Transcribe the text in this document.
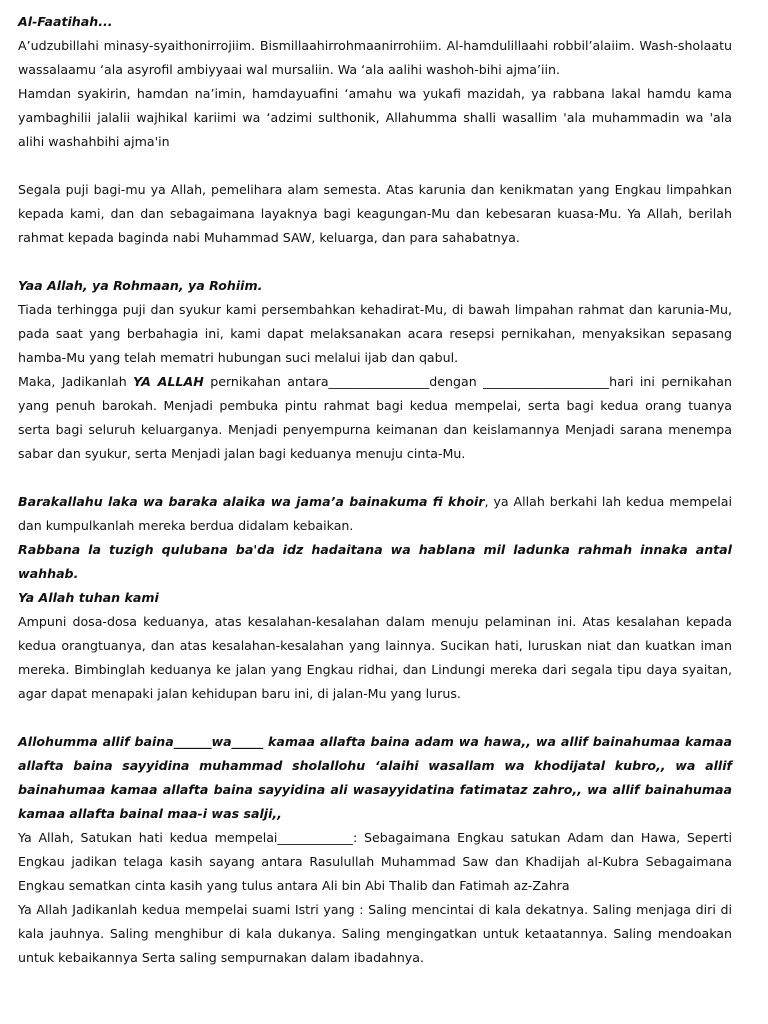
Al-Faatihah...

A’udzubillahi minasy-syaithonirrojiim. Bismillaahirrohmaanirrohiim. Al-hamdulillaahi robbil’alaiim. Wash-sholaatu wassalaamu ‘ala asyrofil ambiyyaai wal mursaliin. Wa ‘ala aalihi washoh-bihi ajma’iin.

Hamdan syakirin, hamdan na’imin, hamdayuafini ‘amahu wa yukafi mazidah, ya rabbana lakal hamdu kama yambaghilii jalalii wajhikal kariimi wa ‘adzimi sulthonik, Allahumma shalli wasallim 'ala muhammadin wa 'ala alihi washahbihi ajma'in

Segala puji bagi-mu ya Allah, pemelihara alam semesta. Atas karunia dan kenikmatan yang Engkau limpahkan kepada kami, dan dan sebagaimana layaknya bagi keagungan-Mu dan kebesaran kuasa-Mu. Ya Allah, berilah rahmat kepada baginda nabi Muhammad SAW, keluarga, dan para sahabatnya.

Yaa Allah, ya Rohmaan, ya Rohiim.

Tiada terhingga puji dan syukur kami persembahkan kehadirat-Mu, di bawah limpahan rahmat dan karunia-Mu, pada saat yang berbahagia ini, kami dapat melaksanakan acara resepsi pernikahan, menyaksikan sepasang hamba-Mu yang telah mematri hubungan suci melalui ijab dan qabul.

Maka, Jadikanlah YA ALLAH pernikahan antara________________dengan ____________________hari ini pernikahan yang penuh barokah. Menjadi pembuka pintu rahmat bagi kedua mempelai, serta bagi kedua orang tuanya serta bagi seluruh keluarganya. Menjadi penyempurna keimanan dan keislamannya Menjadi sarana menempa sabar dan syukur, serta Menjadi jalan bagi keduanya menuju cinta-Mu.

Barakallahu laka wa baraka alaika wa jama’a bainakuma fi khoir, ya Allah berkahi lah kedua mempelai dan kumpulkanlah mereka berdua didalam kebaikan.

Rabbana la tuzigh qulubana ba'da idz hadaitana wa hablana mil ladunka rahmah innaka antal wahhab.

Ya Allah tuhan kami

Ampuni dosa-dosa keduanya, atas kesalahan-kesalahan dalam menuju pelaminan ini. Atas kesalahan kepada kedua orangtuanya, dan atas kesalahan-kesalahan yang lainnya. Sucikan hati, luruskan niat dan kuatkan iman mereka. Bimbinglah keduanya ke jalan yang Engkau ridhai, dan Lindungi mereka dari segala tipu daya syaitan, agar dapat menapaki jalan kehidupan baru ini, di jalan-Mu yang lurus.

Allohumma allif baina______wa_____ kamaa allafta baina adam wa hawa,, wa allif bainahumaa kamaa allafta baina sayyidina muhammad sholallohu ‘alaihi wasallam wa khodijatal kubro,, wa allif bainahumaa kamaa allafta baina sayyidina ali wasayyidatina fatimataz zahro,, wa allif bainahumaa kamaa allafta bainal maa-i was salji,,

Ya Allah, Satukan hati kedua mempelai____________: Sebagaimana Engkau satukan Adam dan Hawa, Seperti Engkau jadikan telaga kasih sayang antara Rasulullah Muhammad Saw dan Khadijah al-Kubra Sebagaimana Engkau sematkan cinta kasih yang tulus antara Ali bin Abi Thalib dan Fatimah az-Zahra

Ya Allah Jadikanlah kedua mempelai suami Istri yang : Saling mencintai di kala dekatnya. Saling menjaga diri di kala jauhnya. Saling menghibur di kala dukanya. Saling mengingatkan untuk ketaatannya. Saling mendoakan untuk kebaikannya Serta saling sempurnakan dalam ibadahnya.
